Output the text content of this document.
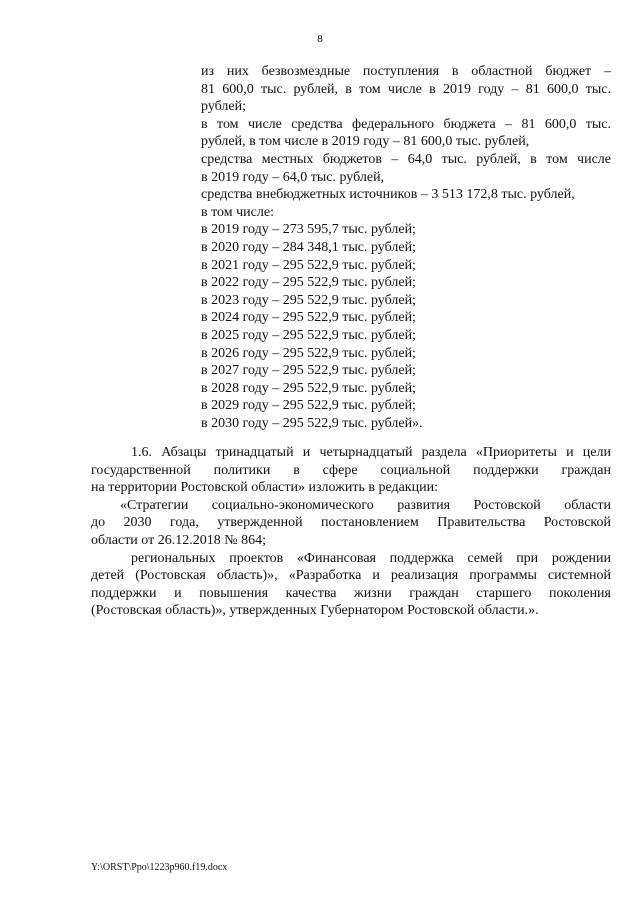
8
из них безвозмездные поступления в областной бюджет –
81 600,0 тыс. рублей, в том числе в 2019 году – 81 600,0 тыс.
рублей;
в том числе средства федерального бюджета – 81 600,0 тыс.
рублей, в том числе в 2019 году – 81 600,0 тыс. рублей,
средства местных бюджетов – 64,0 тыс. рублей, в том числе
в 2019 году – 64,0 тыс. рублей,
средства внебюджетных источников – 3 513 172,8 тыс. рублей,
в том числе:
в 2019 году – 273 595,7 тыс. рублей;
в 2020 году – 284 348,1 тыс. рублей;
в 2021 году – 295 522,9 тыс. рублей;
в 2022 году – 295 522,9 тыс. рублей;
в 2023 году – 295 522,9 тыс. рублей;
в 2024 году – 295 522,9 тыс. рублей;
в 2025 году – 295 522,9 тыс. рублей;
в 2026 году – 295 522,9 тыс. рублей;
в 2027 году – 295 522,9 тыс. рублей;
в 2028 году – 295 522,9 тыс. рублей;
в 2029 году – 295 522,9 тыс. рублей;
в 2030 году – 295 522,9 тыс. рублей».
1.6. Абзацы тринадцатый и четырнадцатый раздела «Приоритеты и цели
государственной политики в сфере социальной поддержки граждан
на территории Ростовской области» изложить в редакции:
«Стратегии социально-экономического развития Ростовской области
до 2030 года, утвержденной постановлением Правительства Ростовской
области от 26.12.2018 № 864;
региональных проектов «Финансовая поддержка семей при рождении
детей (Ростовская область)», «Разработка и реализация программы системной
поддержки и повышения качества жизни граждан старшего поколения
(Ростовская область)», утвержденных Губернатором Ростовской области.».
Y:\ORST\Ppo\1223p960.f19.docx
